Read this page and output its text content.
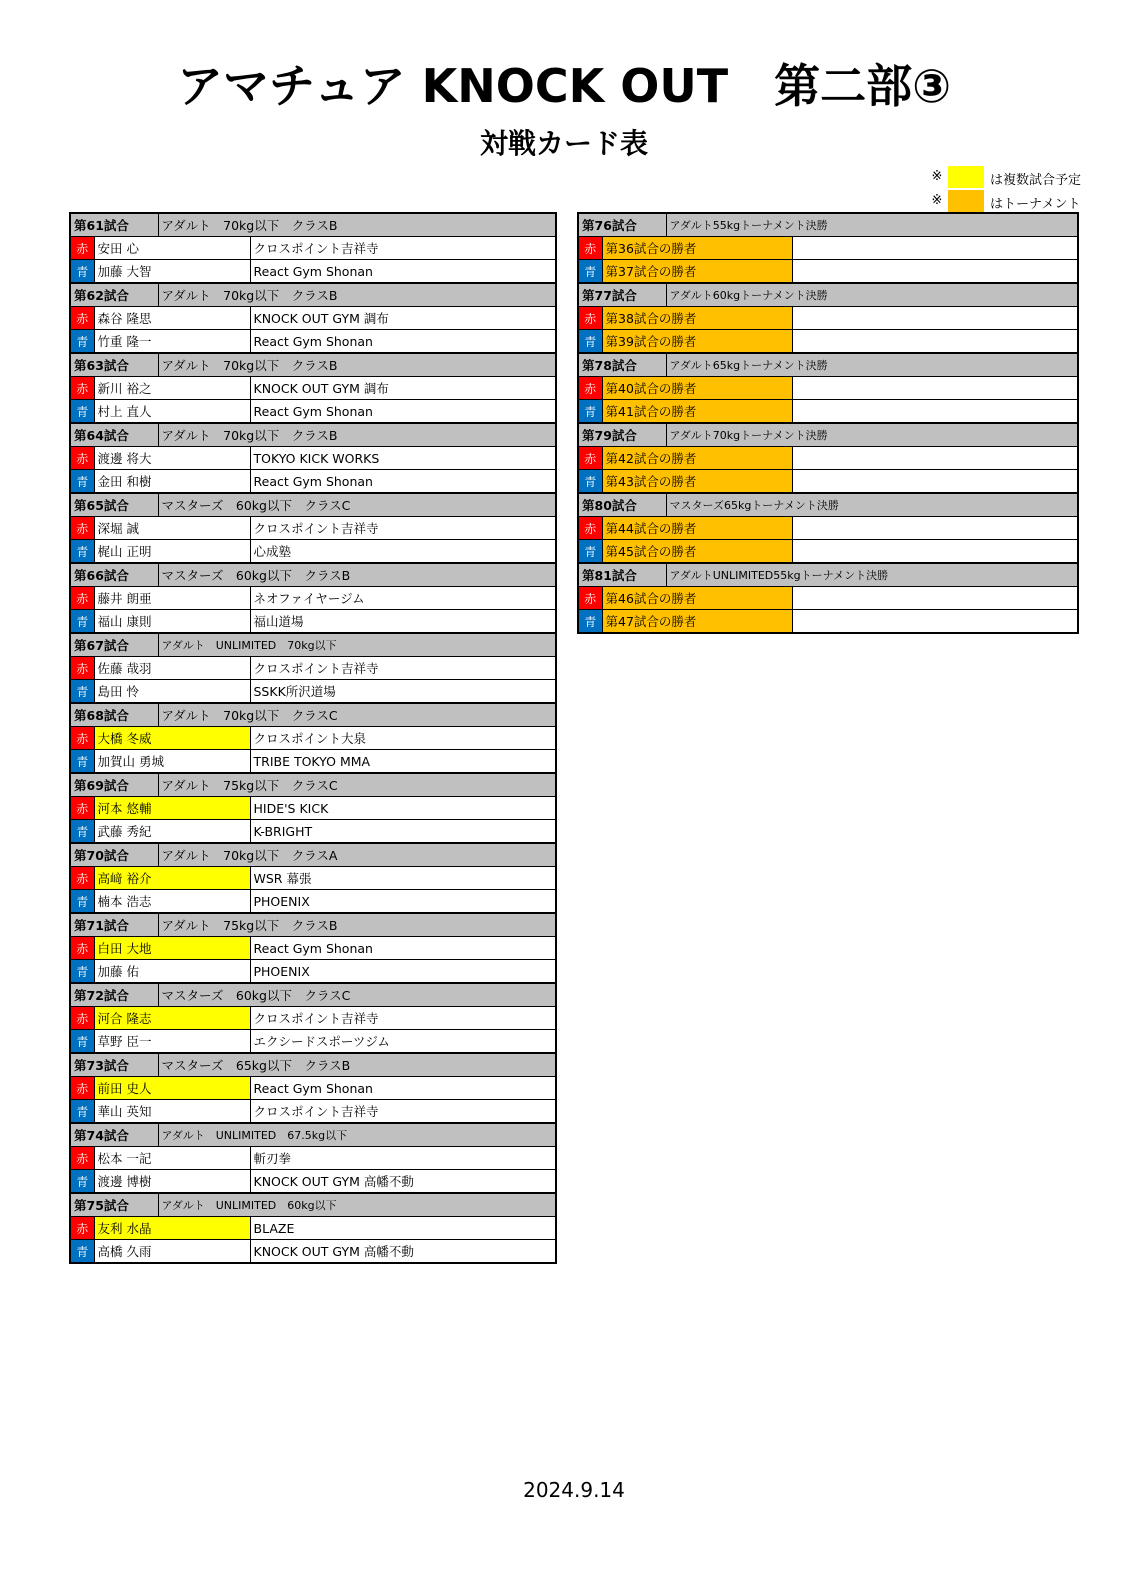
アマチュア KNOCK OUT　第二部③
対戦カード表
※	は複数試合予定
※	はトーナメント
第61試合		アダルト　70kg以下　クラスB	
赤	安田 心		クロスポイント吉祥寺
青	加藤 大智		React Gym Shonan
第62試合		アダルト　70kg以下　クラスB	
赤	森谷 隆思		KNOCK OUT GYM 調布
青	竹重 隆一		React Gym Shonan
第63試合		アダルト　70kg以下　クラスB	
赤	新川 裕之		KNOCK OUT GYM 調布
青	村上 直人		React Gym Shonan
第64試合		アダルト　70kg以下　クラスB	
赤	渡邊 将大		TOKYO KICK WORKS
青	金田 和樹		React Gym Shonan
第65試合		マスターズ　60kg以下　クラスC	
赤	深堀 誠		クロスポイント吉祥寺
青	梶山 正明		心成塾
第66試合		マスターズ　60kg以下　クラスB	
赤	藤井 朗亜		ネオファイヤージム
青	福山 康則		福山道場
第67試合		アダルト　UNLIMITED　70kg以下	
赤	佐藤 哉羽		クロスポイント吉祥寺
青	島田 怜		SSKK所沢道場
第68試合		アダルト　70kg以下　クラスC	
赤	大橋 冬威		クロスポイント大泉
青	加賀山 勇城		TRIBE TOKYO MMA
第69試合		アダルト　75kg以下　クラスC	
赤	河本 悠輔		HIDE'S KICK
青	武藤 秀紀		K-BRIGHT
第70試合		アダルト　70kg以下　クラスA	
赤	高﨑 裕介		WSR 幕張
青	楠本 浩志		PHOENIX
第71試合		アダルト　75kg以下　クラスB	
赤	白田 大地		React Gym Shonan
青	加藤 佑		PHOENIX
第72試合		マスターズ　60kg以下　クラスC	
赤	河合 隆志		クロスポイント吉祥寺
青	草野 臣一		エクシードスポーツジム
第73試合		マスターズ　65kg以下　クラスB	
赤	前田 史人		React Gym Shonan
青	華山 英知		クロスポイント吉祥寺
第74試合		アダルト　UNLIMITED　67.5kg以下	
赤	松本 一記		斬刃拳
青	渡邊 博樹		KNOCK OUT GYM 高幡不動
第75試合		アダルト　UNLIMITED　60kg以下	
赤	友利 水晶		BLAZE
青	高橋 久雨		KNOCK OUT GYM 高幡不動
第76試合		アダルト55kgトーナメント決勝	
赤	第36試合の勝者		
青	第37試合の勝者		
第77試合		アダルト60kgトーナメント決勝	
赤	第38試合の勝者		
青	第39試合の勝者		
第78試合		アダルト65kgトーナメント決勝	
赤	第40試合の勝者		
青	第41試合の勝者		
第79試合		アダルト70kgトーナメント決勝	
赤	第42試合の勝者		
青	第43試合の勝者		
第80試合		マスターズ65kgトーナメント決勝	
赤	第44試合の勝者		
青	第45試合の勝者		
第81試合		アダルトUNLIMITED55kgトーナメント決勝	
赤	第46試合の勝者		
青	第47試合の勝者		
2024.9.14
